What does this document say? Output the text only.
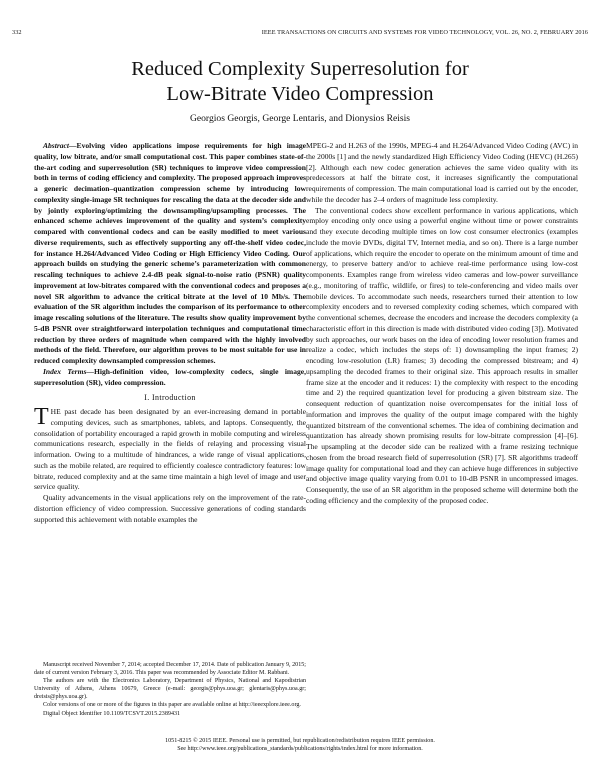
332	IEEE TRANSACTIONS ON CIRCUITS AND SYSTEMS FOR VIDEO TECHNOLOGY, VOL. 26, NO. 2, FEBRUARY 2016
Reduced Complexity Superresolution for
Low-Bitrate Video Compression
Georgios Georgis, George Lentaris, and Dionysios Reisis

Abstract—Evolving video applications impose requirements for high image quality, low bitrate, and/or small computational cost. This paper combines state-of-the-art coding and superresolution (SR) techniques to improve video compression both in terms of coding efficiency and complexity. The proposed approach improves a generic decimation–quantization compression scheme by introducing low complexity single-image SR techniques for rescaling the data at the decoder side and by jointly exploring/optimizing the downsampling/upsampling processes. The enhanced scheme achieves improvement of the quality and system’s complexity compared with conventional codecs and can be easily modified to meet various diverse requirements, such as effectively supporting any off-the-shelf video codec, for instance H.264/Advanced Video Coding or High Efficiency Video Coding. Our approach builds on studying the generic scheme’s parameterization with common rescaling techniques to achieve 2.4-dB peak signal-to-noise ratio (PSNR) quality improvement at low-bitrates compared with the conventional codecs and proposes a novel SR algorithm to advance the critical bitrate at the level of 10 Mb/s. The evaluation of the SR algorithm includes the comparison of its performance to other image rescaling solutions of the literature. The results show quality improvement by 5-dB PSNR over straightforward interpolation techniques and computational time reduction by three orders of magnitude when compared with the highly involved methods of the field. Therefore, our algorithm proves to be most suitable for use in reduced complexity downsampled compression schemes.

Index Terms—High-definition video, low-complexity codecs, single image, superresolution (SR), video compression.

I. Introduction

THE past decade has been designated by an ever-increasing demand in portable computing devices, such as smartphones, tablets, and laptops. Consequently, the consolidation of portability encouraged a rapid growth in mobile computing and wireless communications research, especially in the fields of relaying and processing visual information. Owing to a multitude of hindrances, a wide range of visual applications, such as the mobile related, are required to efficiently coalesce contradictory features: low bitrate, reduced complexity and at the same time maintain a high level of image and user service quality.

Quality advancements in the visual applications rely on the improvement of the rate-distortion efficiency of video compression. Successive generations of coding standards supported this achievement with notable examples the

Manuscript received November 7, 2014; accepted December 17, 2014. Date of publication January 9, 2015; date of current version February 3, 2016. This paper was recommended by Associate Editor M. Rabbani.

The authors are with the Electronics Laboratory, Department of Physics, National and Kapodistrian University of Athens, Athens 10679, Greece (e-mail: georgis@phys.uoa.gr; glentaris@phys.uoa.gr; dreisis@phys.uoa.gr).

Color versions of one or more of the figures in this paper are available online at http://ieeexplore.ieee.org.

Digital Object Identifier 10.1109/TCSVT.2015.2389431

MPEG-2 and H.263 of the 1990s, MPEG-4 and H.264/Advanced Video Coding (AVC) in the 2000s [1] and the newly standardized High Efficiency Video Coding (HEVC) (H.265) [2]. Although each new codec generation achieves the same video quality with its predecessors at half the bitrate cost, it increases significantly the computational requirements of compression. The main computational load is carried out by the encoder, while the decoder has 2–4 orders of magnitude less complexity.

The conventional codecs show excellent performance in various applications, which employ encoding only once using a powerful engine without time or power constraints and they execute decoding multiple times on low cost consumer electronics (examples include the movie DVDs, digital TV, Internet media, and so on). There is a large number of applications, which require the encoder to operate on the minimum amount of time and energy, to preserve battery and/or to achieve real-time performance using low-cost components. Examples range from wireless video cameras and low-power surveillance (e.g., monitoring of traffic, wildlife, or fires) to tele-conferencing and video mails over mobile devices. To accommodate such needs, researchers turned their attention to low complexity encoders and to reversed complexity coding schemes, which compared with the conventional schemes, decrease the encoders and increase the decoders complexity (a characteristic effort in this direction is made with distributed video coding [3]). Motivated by such approaches, our work bases on the idea of encoding lower resolution frames and realize a codec, which includes the steps of: 1) downsampling the input frames; 2) encoding low-resolution (LR) frames; 3) decoding the compressed bitstream; and 4) upsampling the decoded frames to their original size. This approach results in smaller frame size at the encoder and it reduces: 1) the complexity with respect to the encoding time and 2) the required quantization level for producing a given bitstream size. The consequent reduction of quantization noise overcompensates for the initial loss of information and improves the quality of the output image compared with the highly quantized bitstream of the conventional schemes. The idea of combining decimation and quantization has already shown promising results for low-bitrate compression [4]–[6]. The upsampling at the decoder side can be realized with a frame resizing technique chosen from the broad research field of superresolution (SR) [7]. SR algorithms tradeoff image quality for computational load and they can achieve huge differences in subjective and objective image quality varying from 0.01 to 10-dB PSNR in uncompressed images. Consequently, the use of an SR algorithm in the proposed scheme will determine both the coding efficiency and the complexity of the proposed codec.

1051-8215 © 2015 IEEE. Personal use is permitted, but republication/redistribution requires IEEE permission.
See http://www.ieee.org/publications_standards/publications/rights/index.html for more information.
